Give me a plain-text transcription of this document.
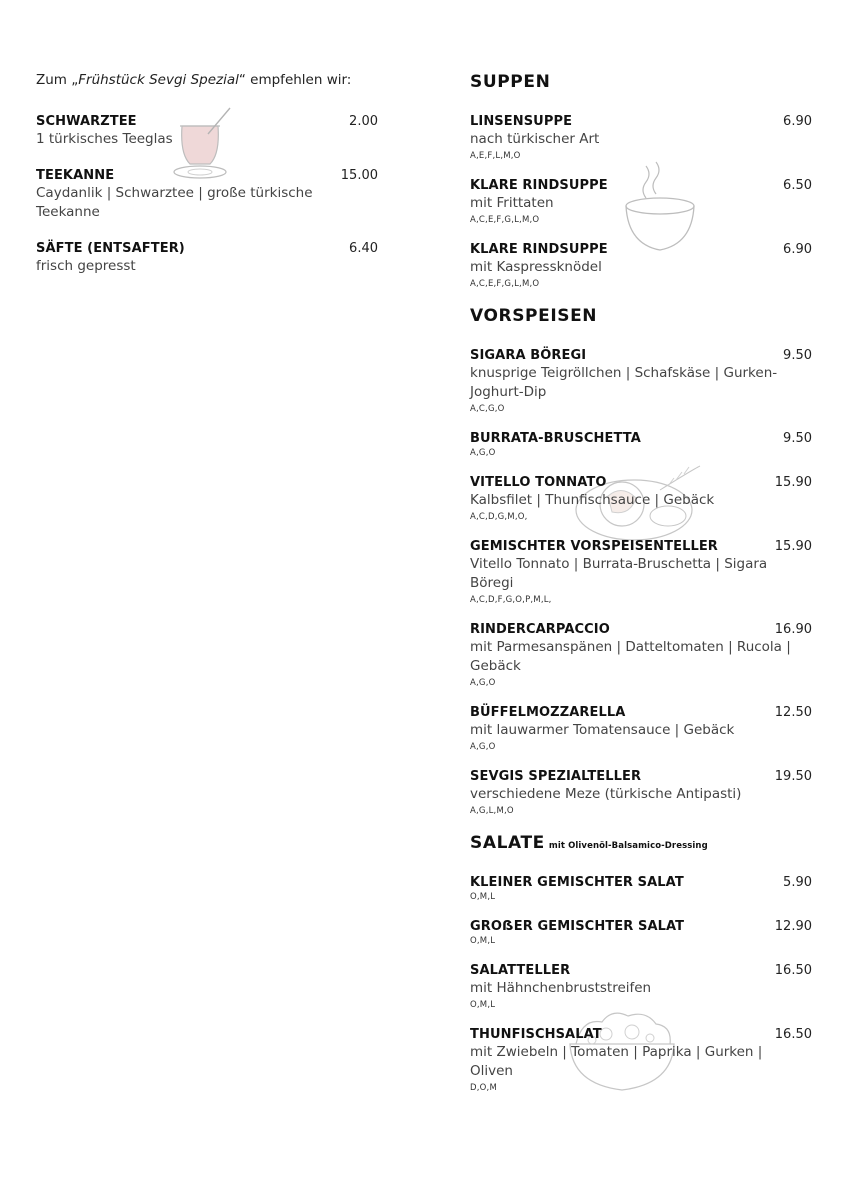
Zum „Frühstück Sevgi Spezial“ empfehlen wir:
SCHWARZTEE	2.00
1 türkisches Teeglas
TEEKANNE	15.00
Caydanlik | Schwarztee | große türkische Teekanne
SÄFTE (ENTSAFTER)	6.40
frisch gepresst
SUPPEN
LINSENSUPPE	6.90
nach türkischer Art
A,E,F,L,M,O
KLARE RINDSUPPE	6.50
mit Frittaten
A,C,E,F,G,L,M,O
KLARE RINDSUPPE	6.90
mit Kaspressknödel
A,C,E,F,G,L,M,O
VORSPEISEN
SIGARA BÖREGI	9.50
knusprige Teigröllchen | Schafskäse | Gurken-Joghurt-Dip
A,C,G,O
BURRATA-BRUSCHETTA	9.50
A,G,O
VITELLO TONNATO	15.90
Kalbsfilet | Thunfischsauce | Gebäck
A,C,D,G,M,O,
GEMISCHTER VORSPEISENTELLER	15.90
Vitello Tonnato | Burrata-Bruschetta | Sigara Böregi
A,C,D,F,G,O,P,M,L,
RINDERCARPACCIO	16.90
mit Parmesanspänen | Datteltomaten | Rucola | Gebäck
A,G,O
BÜFFELMOZZARELLA	12.50
mit lauwarmer Tomatensauce | Gebäck
A,G,O
SEVGIS SPEZIALTELLER	19.50
verschiedene Meze (türkische Antipasti)
A,G,L,M,O
SALATE mit Olivenöl-Balsamico-Dressing
KLEINER GEMISCHTER SALAT	5.90
O,M,L
GROẞER GEMISCHTER SALAT	12.90
O,M,L
SALATTELLER	16.50
mit Hähnchenbruststreifen
O,M,L
THUNFISCHSALAT	16.50
mit Zwiebeln | Tomaten | Paprika | Gurken | Oliven
D,O,M
